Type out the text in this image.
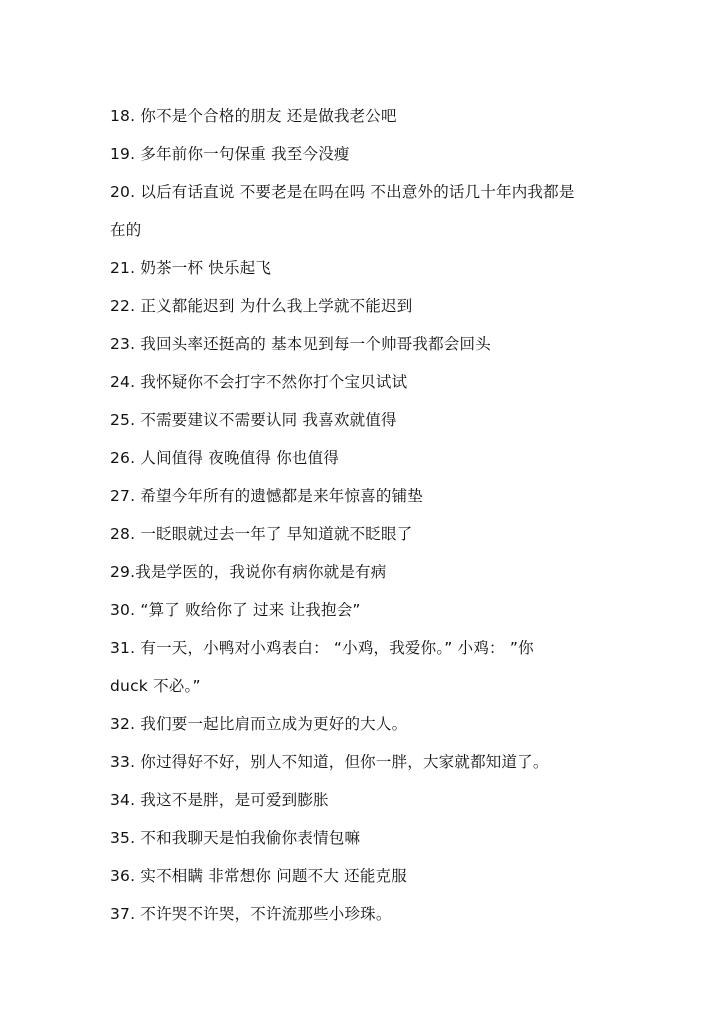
18. 你不是个合格的朋友 还是做我老公吧
19. 多年前你一句保重 我至今没瘦
20. 以后有话直说 不要老是在吗在吗 不出意外的话几十年内我都是
在的
21. 奶茶一杯 快乐起飞
22. 正义都能迟到 为什么我上学就不能迟到
23. 我回头率还挺高的 基本见到每一个帅哥我都会回头
24. 我怀疑你不会打字不然你打个宝贝试试
25. 不需要建议不需要认同 我喜欢就值得
26. 人间值得 夜晚值得 你也值得
27. 希望今年所有的遗憾都是来年惊喜的铺垫
28. 一眨眼就过去一年了 早知道就不眨眼了
29.我是学医的，我说你有病你就是有病
30. “算了 败给你了 过来 让我抱会”
31. 有一天，小鸭对小鸡表白： “小鸡，我爱你。” 小鸡： ”你
duck 不必。”
32. 我们要一起比肩而立成为更好的大人。
33. 你过得好不好，别人不知道，但你一胖，大家就都知道了。
34. 我这不是胖，是可爱到膨胀
35. 不和我聊天是怕我偷你表情包嘛
36. 实不相瞒 非常想你 问题不大 还能克服
37. 不许哭不许哭，不许流那些小珍珠。
